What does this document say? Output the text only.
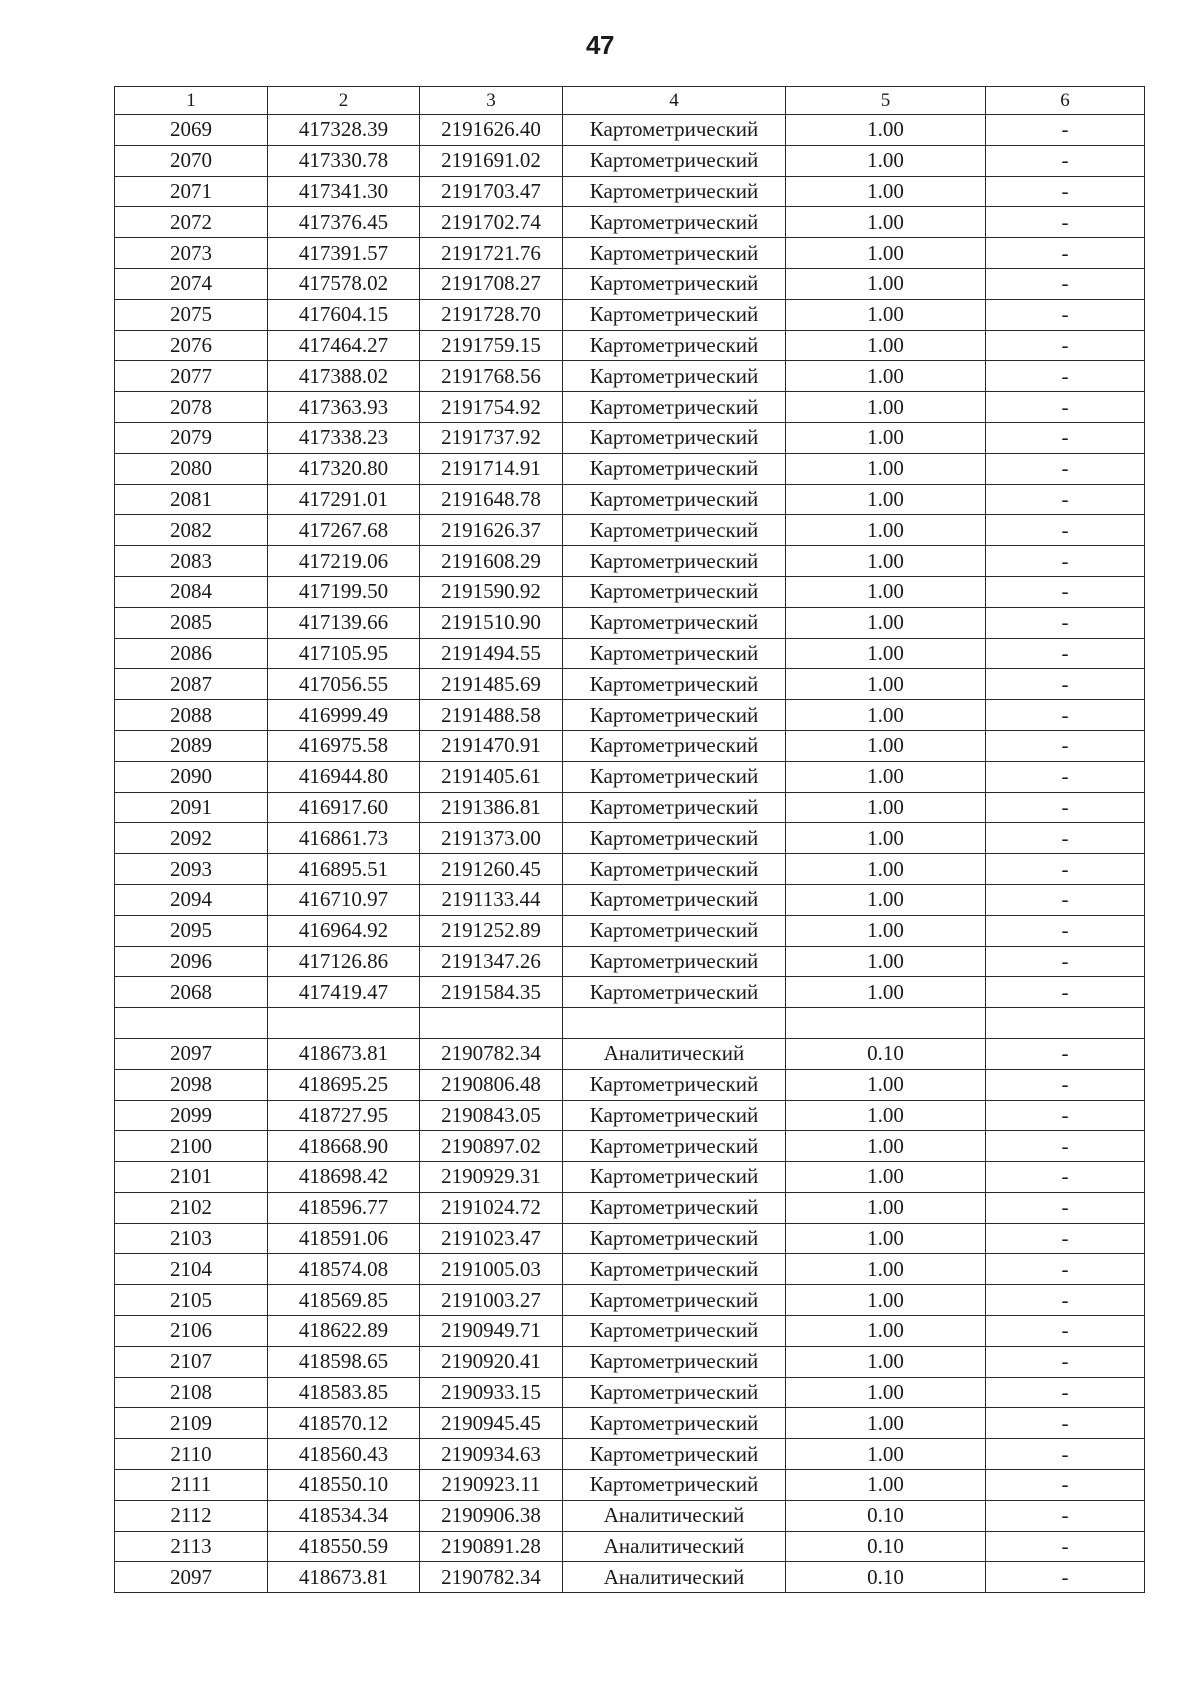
47
1	2	3	4	5	6
2069	417328.39	2191626.40	Картометрический	1.00	-
2070	417330.78	2191691.02	Картометрический	1.00	-
2071	417341.30	2191703.47	Картометрический	1.00	-
2072	417376.45	2191702.74	Картометрический	1.00	-
2073	417391.57	2191721.76	Картометрический	1.00	-
2074	417578.02	2191708.27	Картометрический	1.00	-
2075	417604.15	2191728.70	Картометрический	1.00	-
2076	417464.27	2191759.15	Картометрический	1.00	-
2077	417388.02	2191768.56	Картометрический	1.00	-
2078	417363.93	2191754.92	Картометрический	1.00	-
2079	417338.23	2191737.92	Картометрический	1.00	-
2080	417320.80	2191714.91	Картометрический	1.00	-
2081	417291.01	2191648.78	Картометрический	1.00	-
2082	417267.68	2191626.37	Картометрический	1.00	-
2083	417219.06	2191608.29	Картометрический	1.00	-
2084	417199.50	2191590.92	Картометрический	1.00	-
2085	417139.66	2191510.90	Картометрический	1.00	-
2086	417105.95	2191494.55	Картометрический	1.00	-
2087	417056.55	2191485.69	Картометрический	1.00	-
2088	416999.49	2191488.58	Картометрический	1.00	-
2089	416975.58	2191470.91	Картометрический	1.00	-
2090	416944.80	2191405.61	Картометрический	1.00	-
2091	416917.60	2191386.81	Картометрический	1.00	-
2092	416861.73	2191373.00	Картометрический	1.00	-
2093	416895.51	2191260.45	Картометрический	1.00	-
2094	416710.97	2191133.44	Картометрический	1.00	-
2095	416964.92	2191252.89	Картометрический	1.00	-
2096	417126.86	2191347.26	Картометрический	1.00	-
2068	417419.47	2191584.35	Картометрический	1.00	-

2097	418673.81	2190782.34	Аналитический	0.10	-
2098	418695.25	2190806.48	Картометрический	1.00	-
2099	418727.95	2190843.05	Картометрический	1.00	-
2100	418668.90	2190897.02	Картометрический	1.00	-
2101	418698.42	2190929.31	Картометрический	1.00	-
2102	418596.77	2191024.72	Картометрический	1.00	-
2103	418591.06	2191023.47	Картометрический	1.00	-
2104	418574.08	2191005.03	Картометрический	1.00	-
2105	418569.85	2191003.27	Картометрический	1.00	-
2106	418622.89	2190949.71	Картометрический	1.00	-
2107	418598.65	2190920.41	Картометрический	1.00	-
2108	418583.85	2190933.15	Картометрический	1.00	-
2109	418570.12	2190945.45	Картометрический	1.00	-
2110	418560.43	2190934.63	Картометрический	1.00	-
2111	418550.10	2190923.11	Картометрический	1.00	-
2112	418534.34	2190906.38	Аналитический	0.10	-
2113	418550.59	2190891.28	Аналитический	0.10	-
2097	418673.81	2190782.34	Аналитический	0.10	-
